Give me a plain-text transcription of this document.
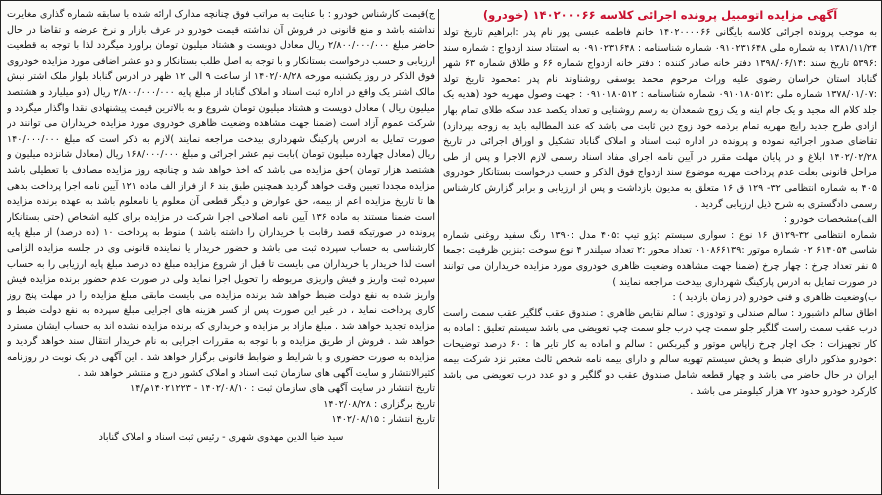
آگهی مزایده اتومبیل پرونده اجرائی کلاسه ۱۴۰۲۰۰۰۶۶ (خودرو)

به موجب پرونده اجرائی کلاسه بایگانی ۱۴۰۲۰۰۰۰۶۶ خانم فاطمه عبسی پور نام پدر :ابراهیم تاریخ تولد ۱۳۸۱/۱۱/۲۴ به شماره ملی ۰۹۱۰۲۳۱۶۴۸ شماره شناسنامه : ۰۹۱۰۲۳۱۶۴۸ به استناد سند ازدواج : شماره سند :۵۳۹۶ تاریخ سند :۱۳۹۸/۰۶/۱۴ دفتر خانه صادر کننده : دفتر خانه ازدواج شماره ۶۶ و طلاق شماره ۶۳ شهر گناباد استان خراسان رضوی علیه وراث مرحوم محمد یوسفی روشناوند نام پدر :محمود تاریخ تولد :۱۳۷۸/۰۱/۰۷ شماره ملی :۰۹۱۰۱۸۰۵۱۲ شماره شناسنامه : ۰۹۱۰۱۸۰۵۱۲ : جهت وصول مهریه خود (هدیه یک جلد کلام اله مجید و یک جام اینه و یک زوج شمعدان به رسم روشنایی و تعداد یکصد عدد سکه طلای تمام بهار ازادی طرح جدید رایج مهریه تمام برذمه خود زوج دین ثابت می باشد که عند المطالبه باید به زوجه بپردازد) تقاضای صدور اجرائیه نموده و پرونده در اداره ثبت اسناد و املاک گناباد تشکیل و اوراق اجرائی در تاریخ ۱۴۰۲/۰۲/۲۸ ابلاغ و در پایان مهلت مقرر در آیین نامه اجرای مفاد اسناد رسمی لازم الاجرا و پس از طی مراحل قانونی بعلت عدم پرداخت مهریه موضوع سند ازدواج فوق الذکر و حسب درخواست بستانکار خودروی ۴۰۵ به شماره انتظامی ۳۲- ۱۲۹ ق ۱۶ متعلق به مدیون بازداشت و پس از ارزیابی و برابر گزارش کارشناس رسمی دادگستری به شرح ذیل ارزیابی گردید .

الف)مشخصات خودرو :

شماره انتظامی ۳۲-۱۲۹ق ۱۶ نوع : سواری سیستم :پژو تیپ :۴۰۵ مدل :۱۳۹۰ رنگ سفید روغنی شماره شاسی ۶۱۴۰۵۴ ۰۲ شماره موتور :۰۱۰۸۶۶۱۳۹ تعداد محور :۲ تعداد سیلندر ۴ نوع سوخت :بنزین ظرفیت :جمعا ۵ نفر تعداد چرخ : چهار چرخ (ضمنا جهت مشاهده وضعیت ظاهری خودروی مورد مزایده خریداران می توانند در صورت تمایل به ادرس پارکینگ شهرداری بیدخت مراجعه نمایند )

ب)وضعیت ظاهری و فنی خودرو (در زمان بازدید ) :

اطاق سالم داشبورد : سالم صندلی و تودوزی : سالم نقایص ظاهری : صندوق عقب گلگیر عقب سمت راست درب عقب سمت راست گلگیر جلو سمت چپ درب جلو سمت چپ تعویضی می باشد سیستم تعلیق : اماده به کار تجهیزات : جک اچار چرخ زاپاس موتور و گیربکس : سالم و اماده به کار تایر ها : ۶۰ درصد توضیحات :خودرو مذکور دارای ضبط و پخش سیستم تهویه سالم و دارای بیمه نامه شخص ثالث معتبر نزد شرکت بیمه ایران در حال حاضر می باشد و چهار قطعه شامل صندوق عقب دو گلگیر و دو عدد درب تعویضی می باشد کارکرد خودرو حدود ۷۲ هزار کیلومتر می باشد .

ج)قیمت کارشناس خودرو : با عنایت به مراتب فوق چنانچه مدارک ارائه شده با سابقه شماره گذاری مغایرت نداشته باشد و منع قانونی در فروش آن نداشته قیمت خودرو در عرف بازار و نرخ عرضه و تقاضا در حال حاضر مبلغ ۲/۸۰۰/۰۰۰/۰۰۰ ریال معادل دویست و هشتاد میلیون تومان براورد میگردد لذا با توجه به قطعیت ارزیابی و حسب درخواست بستانکار و با توجه به اصل طلب بستانکار و دو عشر اضافی مورد مزایده خودروی فوق الذکر در روز یکشنبه مورخه ۱۴۰۲/۰۸/۲۸ از ساعت ۹ الی ۱۲ ظهر در ادرس گناباد بلوار ملک اشتر نبش مالک اشتر یک واقع در اداره ثبت اسناد و املاک گناباد از مبلغ پایه ۲/۸۰۰/۰۰۰/۰۰۰ ریال (دو میلیارد و هشتصد میلیون ریال ) معادل دویست و هشتاد میلیون تومان شروع و به بالاترین قیمت پیشنهادی نقدا واگذار میگردد و شرکت عموم آزاد است (ضمنا جهت مشاهده وضعیت ظاهری خودروی مورد مزایده خریداران می توانند در صورت تمایل به ادرس پارکینگ شهرداری بیدخت مراجعه نمایند )لازم به ذکر است که مبلغ ۱۴۰/۰۰۰/۰۰۰ ریال (معادل چهارده میلیون تومان )بابت نیم عشر اجرائی و مبلغ ۱۶۸/۰۰۰/۰۰۰ ریال (معادل شانزده میلیون و هشتصد هزار تومان )حق مزایده می باشد که اخذ خواهد شد و چنانچه روز مزایده مصادف با تعطیلی باشد مزایده مجددا تعیین وقت خواهد گردید همچنین طبق بند ۶ از فراز الف ماده ۱۲۱ آیین نامه اجرا پرداخت بدهی ها تا تاریخ مزایده اعم از بیمه، حق عوارض و دیگر قطعی آن معلوم یا نامعلوم باشد به عهده برنده مزایده است ضمنا مستند به ماده ۱۳۶ آیین نامه اصلاحی اجرا شرکت در مزایده برای کلیه اشخاص (حتی بستانکار پرونده در صورتیکه قصد رقابت با خریداران را داشته باشد ) منوط به پرداخت ۱۰ (ده درصد) از مبلغ پایه کارشناسی به حساب سپرده ثبت می باشد و حضور خریدار یا نماینده قانونی وی در جلسه مزایده الزامی است لذا خریدار یا خریداران می بایست تا قبل از شروع مزایده مبلغ ده درصد مبلغ پایه ارزیابی را به حساب سپرده ثبت واریز و فیش واریزی مربوطه را تحویل اجرا نماید ولی در صورت عدم حضور برنده مزایده فیش واریز شده به نفع دولت ضبط خواهد شد برنده مزایده می بایست مابقی مبلغ مزایده را در مهلت پنج روز کاری پرداخت نماید ، در غیر این صورت پس از کسر هزینه های اجرایی مبلغ سپرده به نفع دولت ضبط و مزایده تجدید خواهد شد . مبلغ مازاد بر مزایده و خریداری که برنده مزایده نشده اند به حساب ایشان مسترد خواهد شد . فروش از طریق مزایده و با توجه به مقررات اجرایی به نام خریدار انتقال سند خواهد گردید و مزایده به صورت حضوری و با شرایط و ضوابط قانونی برگزار خواهد شد . این آگهی در یک نوبت در روزنامه کثیرالانتشار و سایت آگهی های سازمان ثبت اسناد و املاک کشور درج و منتشر خواهد شد .

تاریخ انتشار در سایت آگهی های سازمان ثبت : ۱۴۰۲/۰۸/۱۰ - ۱۴۰۲۱۲۲۳م/۱۴

تاریخ برگزاری : ۱۴۰۲/۰۸/۲۸

تاریخ انتشار : ۱۴۰۲/۰۸/۱۵

سید ضیا الدین مهدوی شهری - رئیس ثبت اسناد و املاک گناباد
